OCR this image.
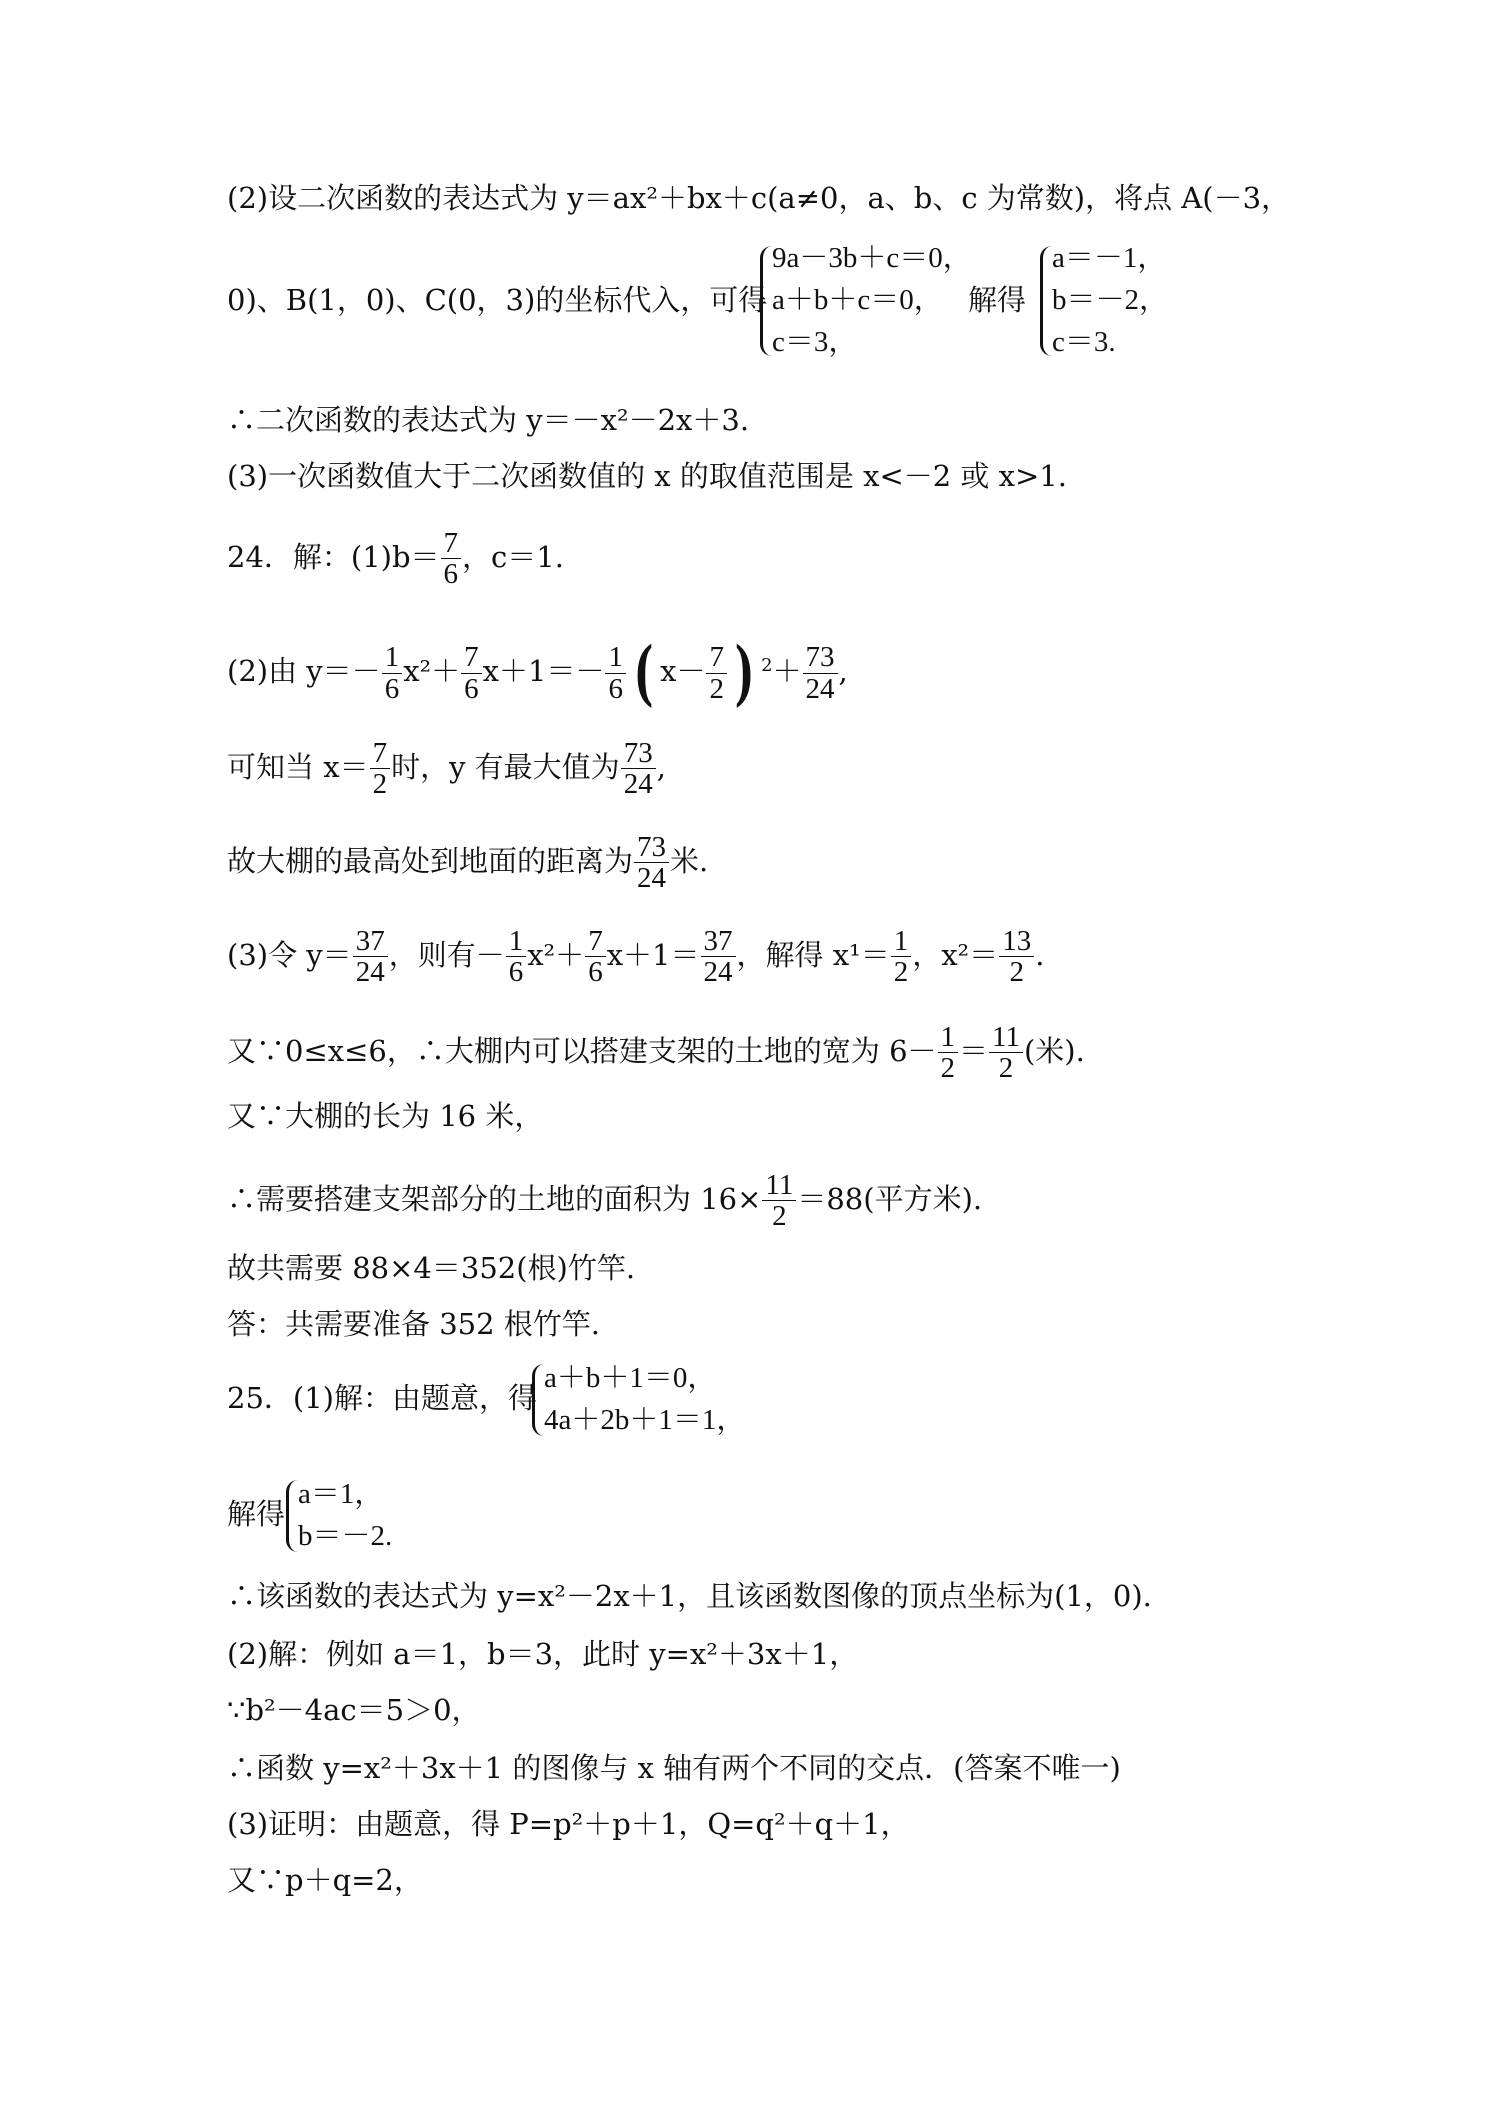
(2)设二次函数的表达式为 y＝ax²＋bx＋c(a≠0，a、b、c 为常数)，将点 A(－3，
0)、B(1，0)、C(0，3)的坐标代入，可得
9a－3b＋c＝0，
a＋b＋c＝0，
c＝3，
解得
a＝－1，
b＝－2，
c＝3.
∴二次函数的表达式为 y＝－x²－2x＋3.
(3)一次函数值大于二次函数值的 x 的取值范围是 x<－2 或 x>1.
24．解：$(1)b= \frac{7}{6}$ ，c＝1.
(2)由 $y=- \frac{1}{6} x^2+ \frac{7}{6} x+1=- \frac{1}{6}$ ( $x- \frac{7}{2}$ ) $^2+ \frac{73}{24}$ ,
可知当 $x= \frac{7}{2}$ 时，y 有最大值为 $\frac{73}{24}$ ,
故大棚的最高处到地面的距离为 $\frac{73}{24}$ 米.
(3)令 $y= \frac{37}{24}$ ，则有－ $\frac{1}{6} x^2+ \frac{7}{6} x+1= \frac{37}{24}$ ，解得 $x^1= \frac{1}{2}$ ，$x^2= \frac{13}{2}$ .
又∵0≤x≤6，∴大棚内可以搭建支架的土地的宽为 $6- \frac{1}{2} = \frac{11}{2}$ (米).
又∵大棚的长为 16 米，
∴需要搭建支架部分的土地的面积为 $16\times \frac{11}{2} =88$(平方米).
故共需要 88×4＝352(根)竹竿.
答：共需要准备 352 根竹竿.
25．(1)解：由题意，得
a＋b＋1＝0，
4a＋2b＋1＝1，
解得
a＝1，
b＝－2.
∴该函数的表达式为 y=x²－2x＋1，且该函数图像的顶点坐标为(1，0).
(2)解：例如 a＝1，b＝3，此时 y=x²＋3x＋1，
∵b²－4ac＝5＞0，
∴函数 y=x²＋3x＋1 的图像与 x 轴有两个不同的交点．(答案不唯一)
(3)证明：由题意，得 P=p²＋p＋1，Q=q²＋q＋1，
又∵p＋q=2，
